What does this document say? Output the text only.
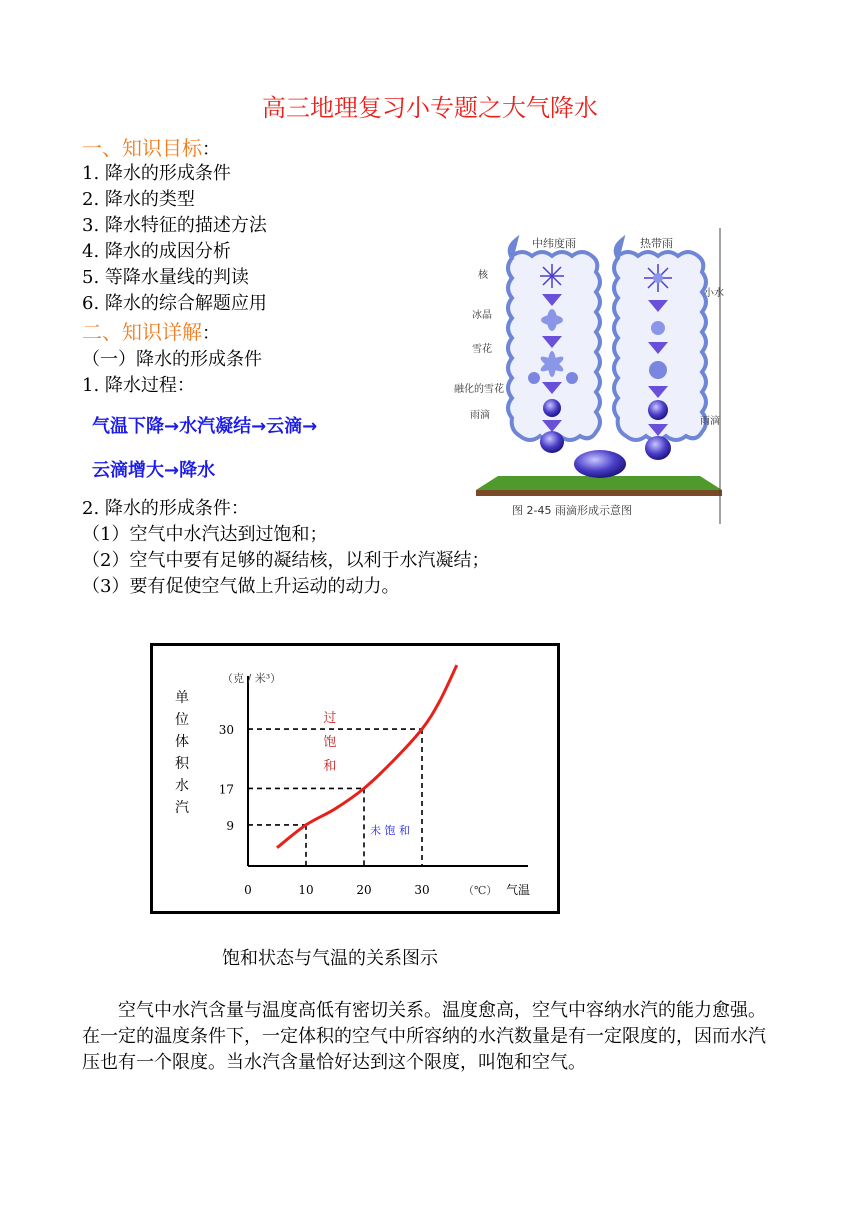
高三地理复习小专题之大气降水
一、知识目标：
1. 降水的形成条件
2. 降水的类型
3. 降水特征的描述方法
4. 降水的成因分析
5. 等降水量线的判读
6. 降水的综合解题应用
二、知识详解：
（一）降水的形成条件
1. 降水过程：
气温下降→水汽凝结→云滴→
云滴增大→降水
2. 降水的形成条件：
（1）空气中水汽达到过饱和；
（2）空气中要有足够的凝结核，以利于水汽凝结；
（3）要有促使空气做上升运动的动力。
中纬度雨	热带雨
核
冰晶
雪花
融化的雪花
雨滴
小水
雨滴
图 2-45 雨滴形成示意图
0	10	20	30
9
17
30
（克 / 米³）
（℃） 气温
单
位
体
积
水
汽
过
饱
和
未 饱 和
饱和状态与气温的关系图示
空气中水汽含量与温度高低有密切关系。温度愈高，空气中容纳水汽的能力愈强。在一定的温度条件下，一定体积的空气中所容纳的水汽数量是有一定限度的，因而水汽压也有一个限度。当水汽含量恰好达到这个限度，叫饱和空气。
